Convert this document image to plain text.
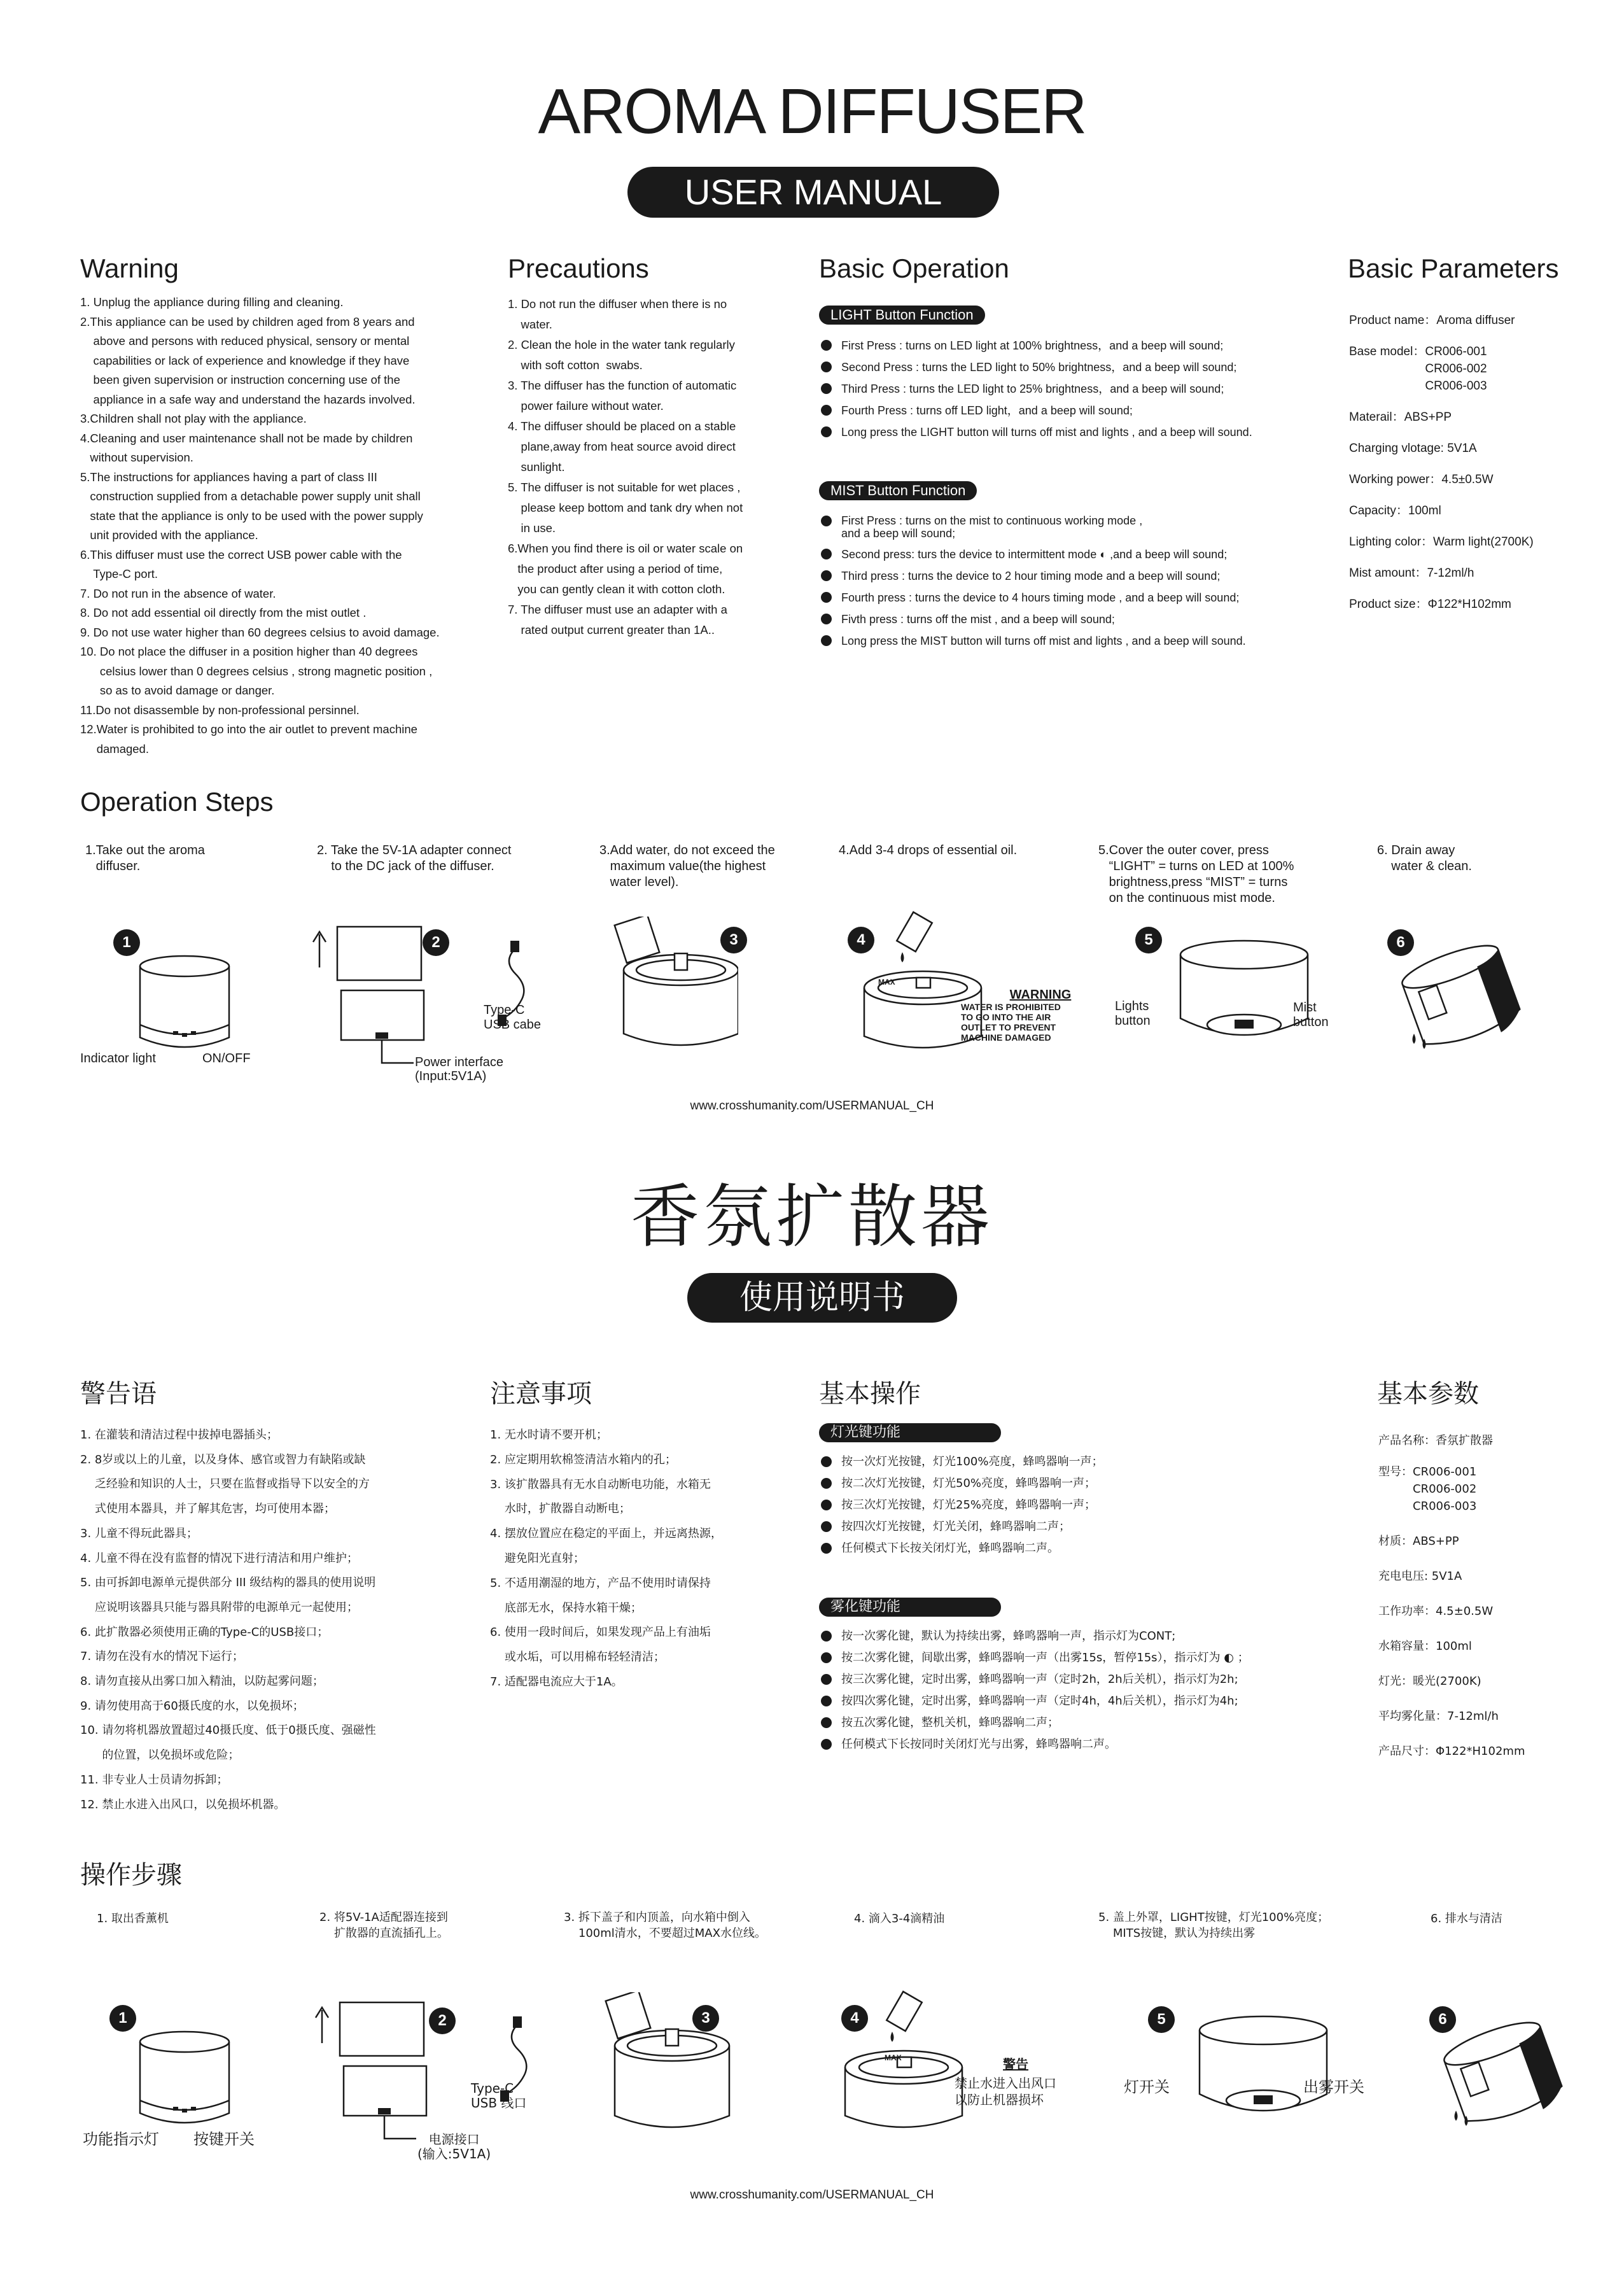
AROMA DIFFUSER
USER MANUAL
Warning
1. Unplug the appliance during filling and cleaning.
2.This appliance can be used by children aged from 8 years and
above and persons with reduced physical, sensory or mental
capabilities or lack of experience and knowledge if they have
been given supervision or instruction concerning use of the
appliance in a safe way and understand the hazards involved.
3.Children shall not play with the appliance.
4.Cleaning and user maintenance shall not be made by children
without supervision.
5.The instructions for appliances having a part of class III
construction supplied from a detachable power supply unit shall
state that the appliance is only to be used with the power supply
unit provided with the appliance.
6.This diffuser must use the correct USB power cable with the
Type-C port.
7. Do not run in the absence of water.
8. Do not add essential oil directly from the mist outlet .
9. Do not use water higher than 60 degrees celsius to avoid damage.
10. Do not place the diffuser in a position higher than 40 degrees
celsius lower than 0 degrees celsius , strong magnetic position ,
so as to avoid damage or danger.
11.Do not disassemble by non-professional persinnel.
12.Water is prohibited to go into the air outlet to prevent machine
damaged.
Precautions
1. Do not run the diffuser when there is no
water.
2. Clean the hole in the water tank regularly
with soft cotton  swabs.
3. The diffuser has the function of automatic
power failure without water.
4. The diffuser should be placed on a stable
plane,away from heat source avoid direct
sunlight.
5. The diffuser is not suitable for wet places ,
please keep bottom and tank dry when not
in use.
6.When you find there is oil or water scale on
the product after using a period of time,
you can gently clean it with cotton cloth.
7. The diffuser must use an adapter with a
rated output current greater than 1A..
Basic Operation
LIGHT Button Function
First Press : turns on LED light at 100% brightness，and a beep will sound;
Second Press : turns the LED light to 50% brightness，and a beep will sound;
Third Press : turns the LED light to 25% brightness，and a beep will sound;
Fourth Press : turns off LED light，and a beep will sound;
Long press the LIGHT button will turns off mist and lights , and a beep will sound.
MIST Button Function
First Press : turns on the mist to continuous working mode ,
and a beep will sound;
Second press: turs the device to intermittent mode ◐ ,and a beep will sound;
Third press : turns the device to 2 hour timing mode and a beep will sound;
Fourth press : turns the device to 4 hours timing mode , and a beep will sound;
Fivth press : turns off the mist , and a beep will sound;
Long press the MIST button will turns off mist and lights , and a beep will sound.
Basic Parameters
Product name：Aroma diffuser
Base model： CR006-001
CR006-002
CR006-003
Materail：ABS+PP
Charging vlotage: 5V1A
Working power：4.5±0.5W
Capacity：100ml
Lighting color：Warm light(2700K)
Mist amount：7-12ml/h
Product size：Φ122*H102mm
Operation Steps
1.Take out the aroma
diffuser.
2. Take the 5V-1A adapter connect
to the DC jack of the diffuser.
3.Add water, do not exceed the
maximum value(the highest
water level).
4.Add 3-4 drops of essential oil.	5.Cover the outer cover, press
“LIGHT” = turns on LED at 100%
brightness,press “MIST” = turns
on the continuous mist mode.
6. Drain away
water & clean.
1
Indicator light	ON/OFF
2
Type-C
USB cabe
Power interface
(Input:5V1A)
3	4
MAX
WARNING
WATER IS PROHIBITED
TO GO INTO THE AIR
OUTLET TO PREVENT
MACHINE DAMAGED
5
Lights
button
Mist
button
6
www.crosshumanity.com/USERMANUAL_CH
香氛扩散器
使用说明书
警告语
1. 在灌装和清洁过程中拔掉电器插头；
2. 8岁或以上的儿童，以及身体、感官或智力有缺陷或缺
乏经验和知识的人士，只要在监督或指导下以安全的方
式使用本器具，并了解其危害，均可使用本器；
3. 儿童不得玩此器具；
4. 儿童不得在没有监督的情况下进行清洁和用户维护；
5. 由可拆卸电源单元提供部分 III 级结构的器具的使用说明
应说明该器具只能与器具附带的电源单元一起使用；
6. 此扩散器必须使用正确的Type-C的USB接口；
7. 请勿在没有水的情况下运行；
8. 请勿直接从出雾口加入精油，以防起雾问题；
9. 请勿使用高于60摄氏度的水，以免损坏；
10. 请勿将机器放置超过40摄氏度、低于0摄氏度、强磁性
的位置，以免损坏或危险；
11. 非专业人士员请勿拆卸；
12. 禁止水进入出风口，以免损坏机器。
注意事项
1. 无水时请不要开机；
2. 应定期用软棉签清洁水箱内的孔；
3. 该扩散器具有无水自动断电功能，水箱无
水时，扩散器自动断电；
4. 摆放位置应在稳定的平面上，并远离热源，
避免阳光直射；
5. 不适用潮湿的地方，产品不使用时请保持
底部无水，保持水箱干燥；
6. 使用一段时间后，如果发现产品上有油垢
或水垢，可以用棉布轻轻清洁；
7. 适配器电流应大于1A。
基本操作
灯光键功能
按一次灯光按键，灯光100%亮度，蜂鸣器响一声；
按二次灯光按键，灯光50%亮度，蜂鸣器响一声；
按三次灯光按键，灯光25%亮度，蜂鸣器响一声；
按四次灯光按键，灯光关闭，蜂鸣器响二声；
任何模式下长按关闭灯光，蜂鸣器响二声。
雾化键功能
按一次雾化键，默认为持续出雾，蜂鸣器响一声，指示灯为CONT;
按二次雾化键，间歇出雾，蜂鸣器响一声（出雾15s，暂停15s），指示灯为 ◐ ；
按三次雾化键，定时出雾，蜂鸣器响一声（定时2h，2h后关机），指示灯为2h;
按四次雾化键，定时出雾，蜂鸣器响一声（定时4h，4h后关机），指示灯为4h;
按五次雾化键，整机关机，蜂鸣器响二声；
任何模式下长按同时关闭灯光与出雾，蜂鸣器响二声。
基本参数
产品名称：香氛扩散器
型号： CR006-001
CR006-002
CR006-003
材质：ABS+PP
充电电压: 5V1A
工作功率：4.5±0.5W
水箱容量：100ml
灯光：暖光(2700K)
平均雾化量：7-12ml/h
产品尺寸：Φ122*H102mm
操作步骤
1. 取出香薰机	2. 将5V-1A适配器连接到
扩散器的直流插孔上。
3. 拆下盖子和内顶盖，向水箱中倒入
100ml清水，不要超过MAX水位线。
4. 滴入3-4滴精油	5. 盖上外罩，LIGHT按键，灯光100%亮度；
MITS按键，默认为持续出雾
6. 排水与清洁
1
功能指示灯 按键开关
2
Type-C
USB 线口
电源接口
(输入:5V1A)
3	4
MAX	警告
禁止水进入出风口
以防止机器损坏
5
灯开关	出雾开关
6
www.crosshumanity.com/USERMANUAL_CH
